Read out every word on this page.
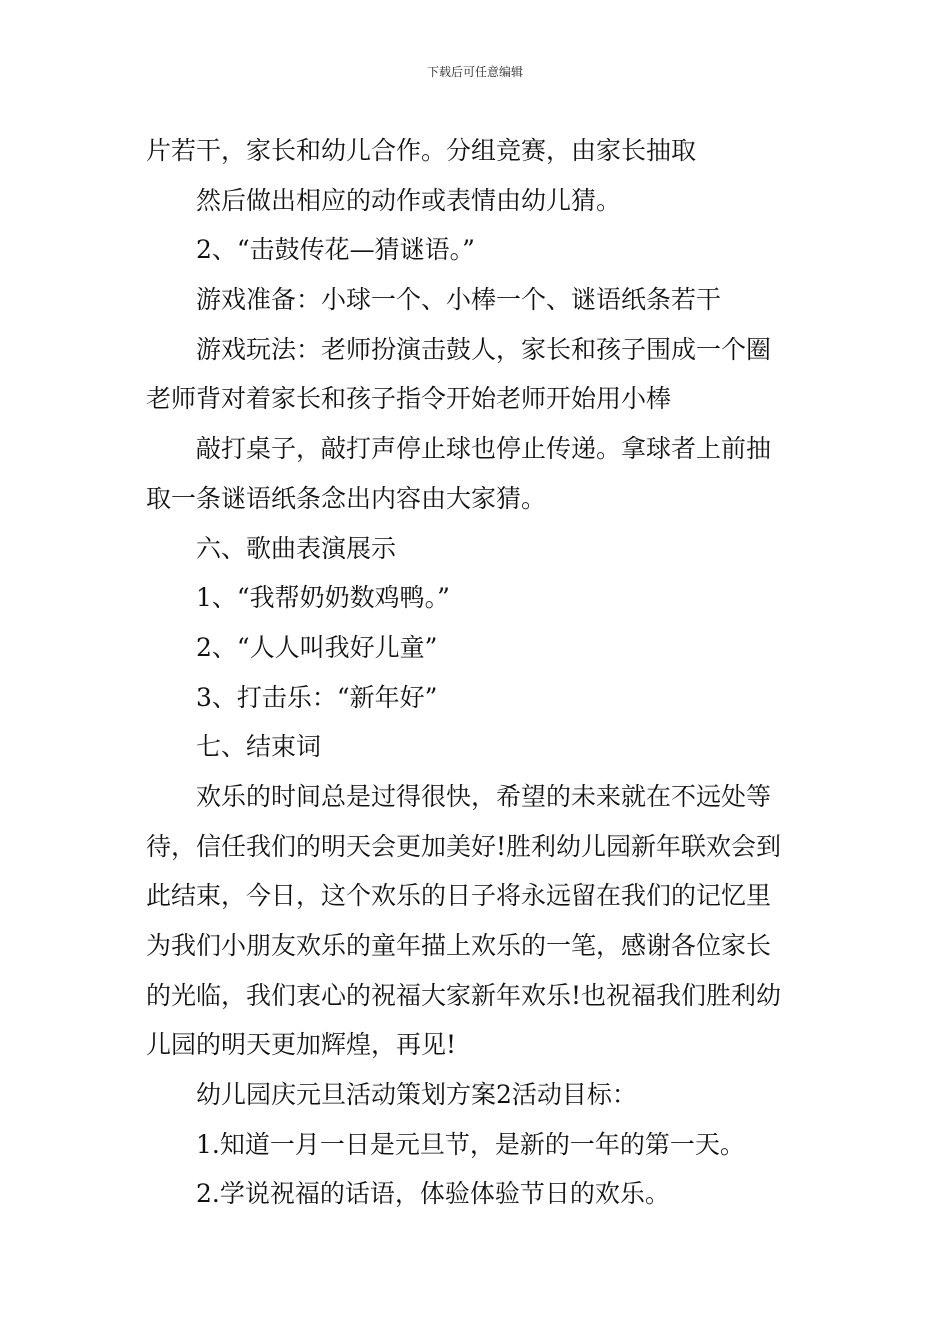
下载后可任意编辑
片若干，家长和幼儿合作。分组竞赛，由家长抽取
然后做出相应的动作或表情由幼儿猜。
2、“击鼓传花—猜谜语。”
游戏准备：小球一个、小棒一个、谜语纸条若干
游戏玩法：老师扮演击鼓人，家长和孩子围成一个圈
老师背对着家长和孩子指令开始老师开始用小棒
敲打桌子，敲打声停止球也停止传递。拿球者上前抽
取一条谜语纸条念出内容由大家猜。
六、歌曲表演展示
1、“我帮奶奶数鸡鸭。”
2、“人人叫我好儿童”
3、打击乐：“新年好”
七、结束词
欢乐的时间总是过得很快，希望的未来就在不远处等
待，信任我们的明天会更加美好!胜利幼儿园新年联欢会到
此结束，今日，这个欢乐的日子将永远留在我们的记忆里
为我们小朋友欢乐的童年描上欢乐的一笔，感谢各位家长
的光临，我们衷心的祝福大家新年欢乐!也祝福我们胜利幼
儿园的明天更加辉煌，再见!
幼儿园庆元旦活动策划方案2活动目标：
1.知道一月一日是元旦节，是新的一年的第一天。
2.学说祝福的话语，体验体验节日的欢乐。
